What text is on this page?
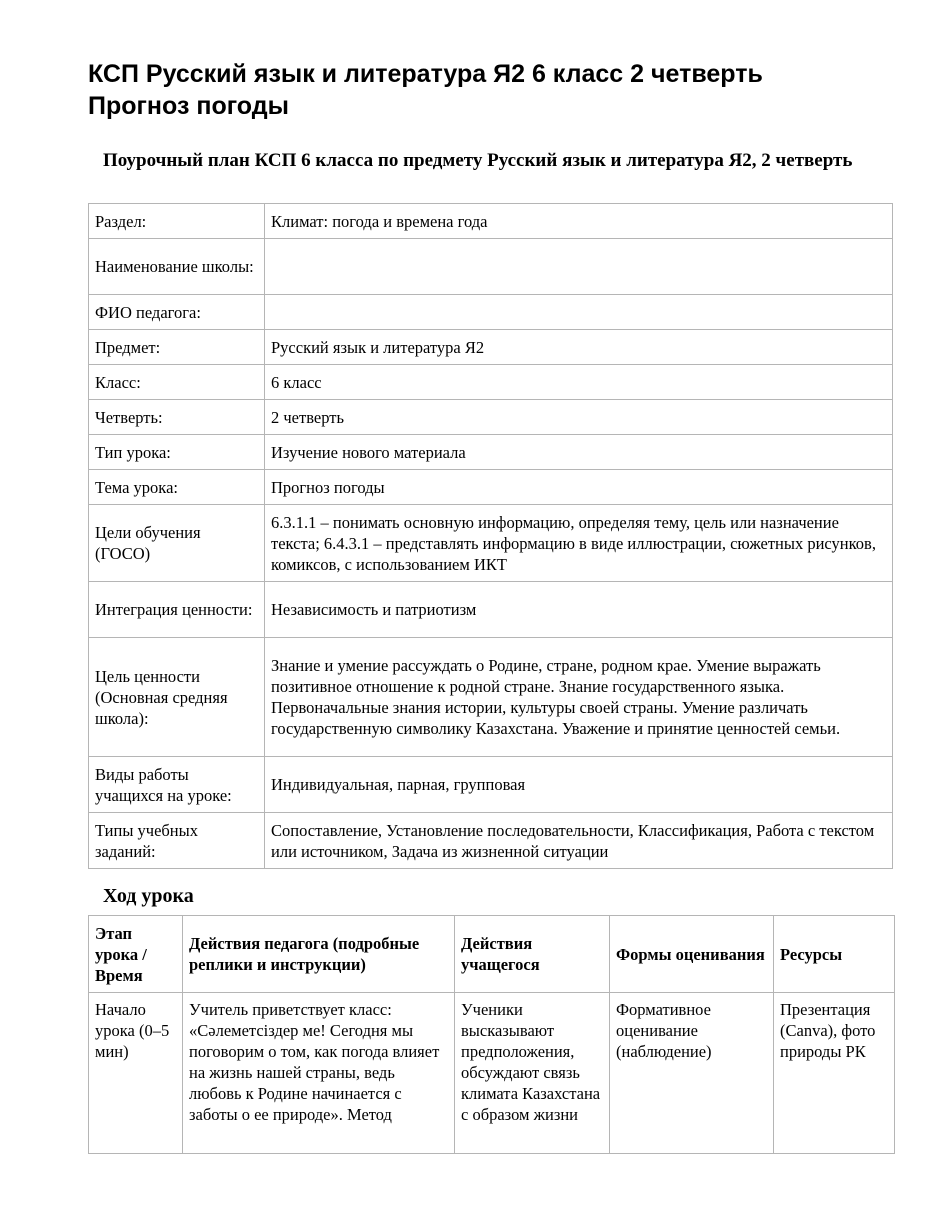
КСП Русский язык и литература Я2 6 класс 2 четверть
Прогноз погоды
Поурочный план КСП 6 класса по предмету Русский язык и литература Я2, 2 четверть
Раздел:	Климат: погода и времена года
Наименование школы:	
ФИО педагога:	
Предмет:	Русский язык и литература Я2
Класс:	6 класс
Четверть:	2 четверть
Тип урока:	Изучение нового материала
Тема урока:	Прогноз погоды
Цели обучения (ГОСО)	6.3.1.1 – понимать основную информацию, определяя тему, цель или назначение текста; 6.4.3.1 – представлять информацию в виде иллюстрации, сюжетных рисунков, комиксов, с использованием ИКТ
Интеграция ценности:	Независимость и патриотизм
Цель ценности (Основная средняя школа):	Знание и умение рассуждать о Родине, стране, родном крае. Умение выражать позитивное отношение к родной стране. Знание государственного языка. Первоначальные знания истории, культуры своей страны. Умение различать государственную символику Казахстана. Уважение и принятие ценностей семьи.
Виды работы учащихся на уроке:	Индивидуальная, парная, групповая
Типы учебных заданий:	Сопоставление, Установление последовательности, Классификация, Работа с текстом или источником, Задача из жизненной ситуации
Ход урока
Этап урока / Время	Действия педагога (подробные реплики и инструкции)	Действия учащегося	Формы оценивания	Ресурсы
Начало урока (0–5 мин)	Учитель приветствует класс: «Сәлеметсіздер ме! Сегодня мы поговорим о том, как погода влияет на жизнь нашей страны, ведь любовь к Родине начинается с заботы о ее природе». Метод	Ученики высказывают предположения, обсуждают связь климата Казахстана с образом жизни	Формативное оценивание (наблюдение)	Презентация (Canva), фото природы РК
